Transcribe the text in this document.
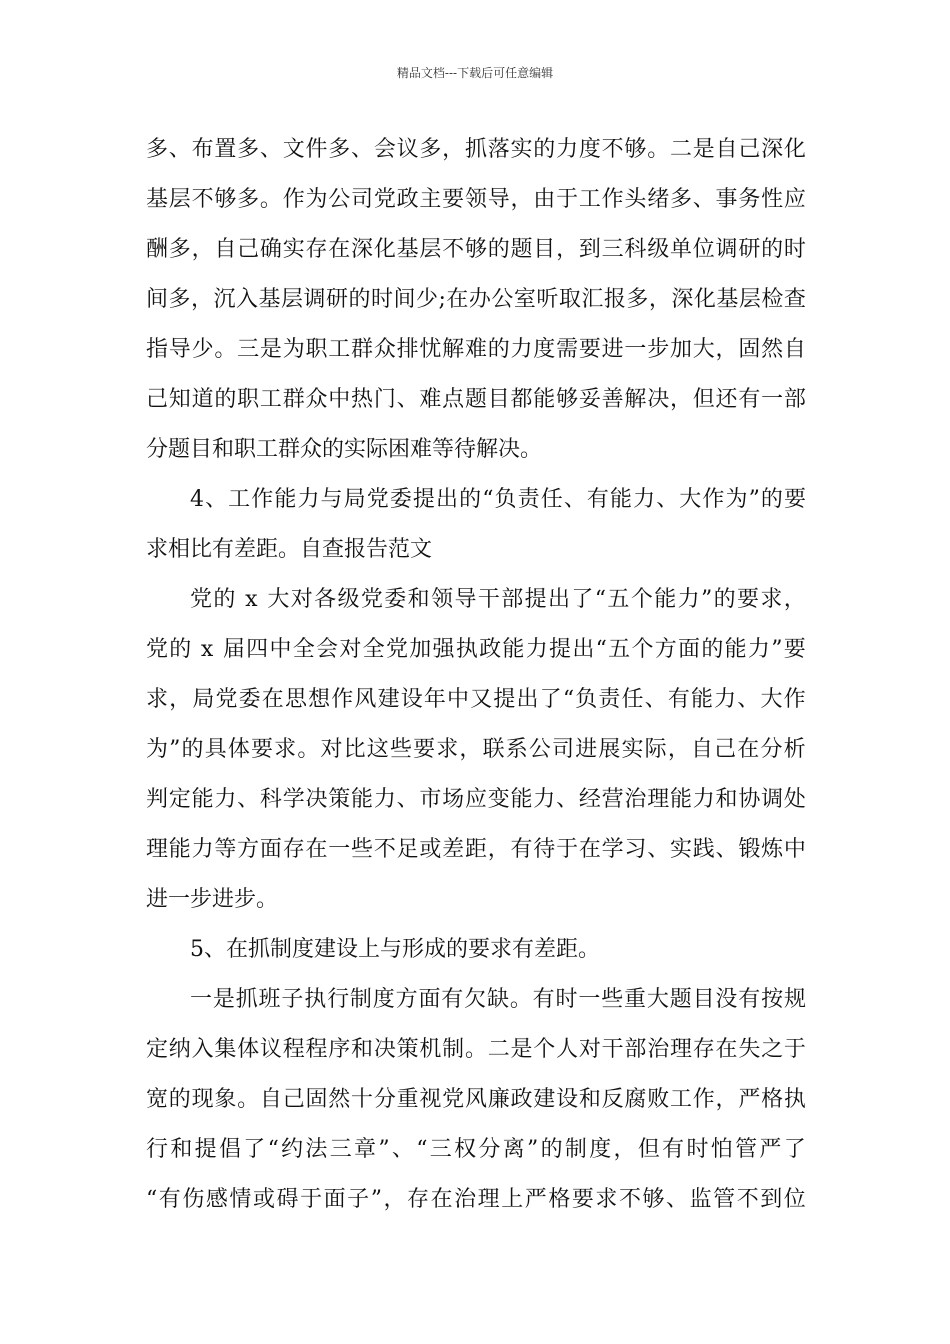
精品文档---下载后可任意编辑
多 、 布 置 多 、 文 件 多 、 会 议 多 ， 抓 落 实 的 力 度 不 够 。 二 是 自 己 深 化
基 层 不 够 多 。 作 为 公 司 党 政 主 要 领 导 ， 由 于 工 作 头 绪 多 、 事 务 性 应
酬 多 ， 自 己 确 实 存 在 深 化 基 层 不 够 的 题 目 ， 到 三 科 级 单 位 调 研 的 时
间 多 ， 沉 入 基 层 调 研 的 时 间 少 ; 在 办 公 室 听 取 汇 报 多 ， 深 化 基 层 检 查
指 导 少 。 三 是 为 职 工 群 众 排 忧 解 难 的 力 度 需 要 进 一 步 加 大 ， 固 然 自
己 知 道 的 职 工 群 众 中 热 门 、 难 点 题 目 都 能 够 妥 善 解 决 ， 但 还 有 一 部
分题目和职工群众的实际困难等待解决。
4 、 工 作 能 力 与 局 党 委 提 出 的 “ 负 责 任 、 有 能 力 、 大 作 为 ” 的 要
求相比有差距。自查报告范文
党 的
x
大 对 各 级 党 委 和 领 导 干 部 提 出 了 “ 五 个 能 力 ” 的 要 求 ，
党 的
x
届 四 中 全 会 对 全 党 加 强 执 政 能 力 提 出 “ 五 个 方 面 的 能 力 ” 要
求 ， 局 党 委 在 思 想 作 风 建 设 年 中 又 提 出 了 “ 负 责 任 、 有 能 力 、 大 作
为 ” 的 具 体 要 求 。 对 比 这 些 要 求 ， 联 系 公 司 进 展 实 际 ， 自 己 在 分 析
判 定 能 力 、 科 学 决 策 能 力 、 市 场 应 变 能 力 、 经 营 治 理 能 力 和 协 调 处
理 能 力 等 方 面 存 在 一 些 不 足 或 差 距 ， 有 待 于 在 学 习 、 实 践 、 锻 炼 中
进一步进步。
5、在抓制度建设上与形成的要求有差距。
一 是 抓 班 子 执 行 制 度 方 面 有 欠 缺 。 有 时 一 些 重 大 题 目 没 有 按 规
定 纳 入 集 体 议 程 程 序 和 决 策 机 制 。 二 是 个 人 对 干 部 治 理 存 在 失 之 于
宽 的 现 象 。 自 己 固 然 十 分 重 视 党 风 廉 政 建 设 和 反 腐 败 工 作 ， 严 格 执
行 和 提 倡 了 “ 约 法 三 章 ” 、 “ 三 权 分 离 ” 的 制 度 ， 但 有 时 怕 管 严 了
“ 有 伤 感 情 或 碍 于 面 子 ” ， 存 在 治 理 上 严 格 要 求 不 够 、 监 管 不 到 位
